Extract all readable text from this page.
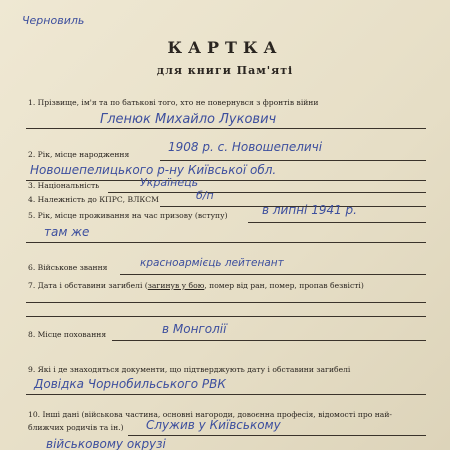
Черновиль
КАРТКА
для книги Пам'яті
1. Прізвище, ім'я та по батькові того, хто не повернувся з фронтів війни
Гленюк Михайло Лукович
2. Рік, місце народження
1908 р. с. Новошепеличі
Новошепелицького р-ну Київської обл.
3. Національність	Українець
4. Належність до КПРС, ВЛКСМ	б/п
5. Рік, місце проживання на час призову (вступу)	в липні 1941 р.
там же
6. Військове звання	красноармієць лейтенант
7. Дата і обставини загибелі (загинув у бою, помер від ран, помер, пропав безвісті)
8. Місце поховання	в Монголії
9. Які і де знаходяться документи, що підтверджують дату і обставини загибелі
Довідка Чорнобильського РВК
10. Інші дані (військова частина, основні нагороди, довоєнна професія, відомості про най-
ближчих родичів та ін.) Служив у Київському
військовому окрузі
